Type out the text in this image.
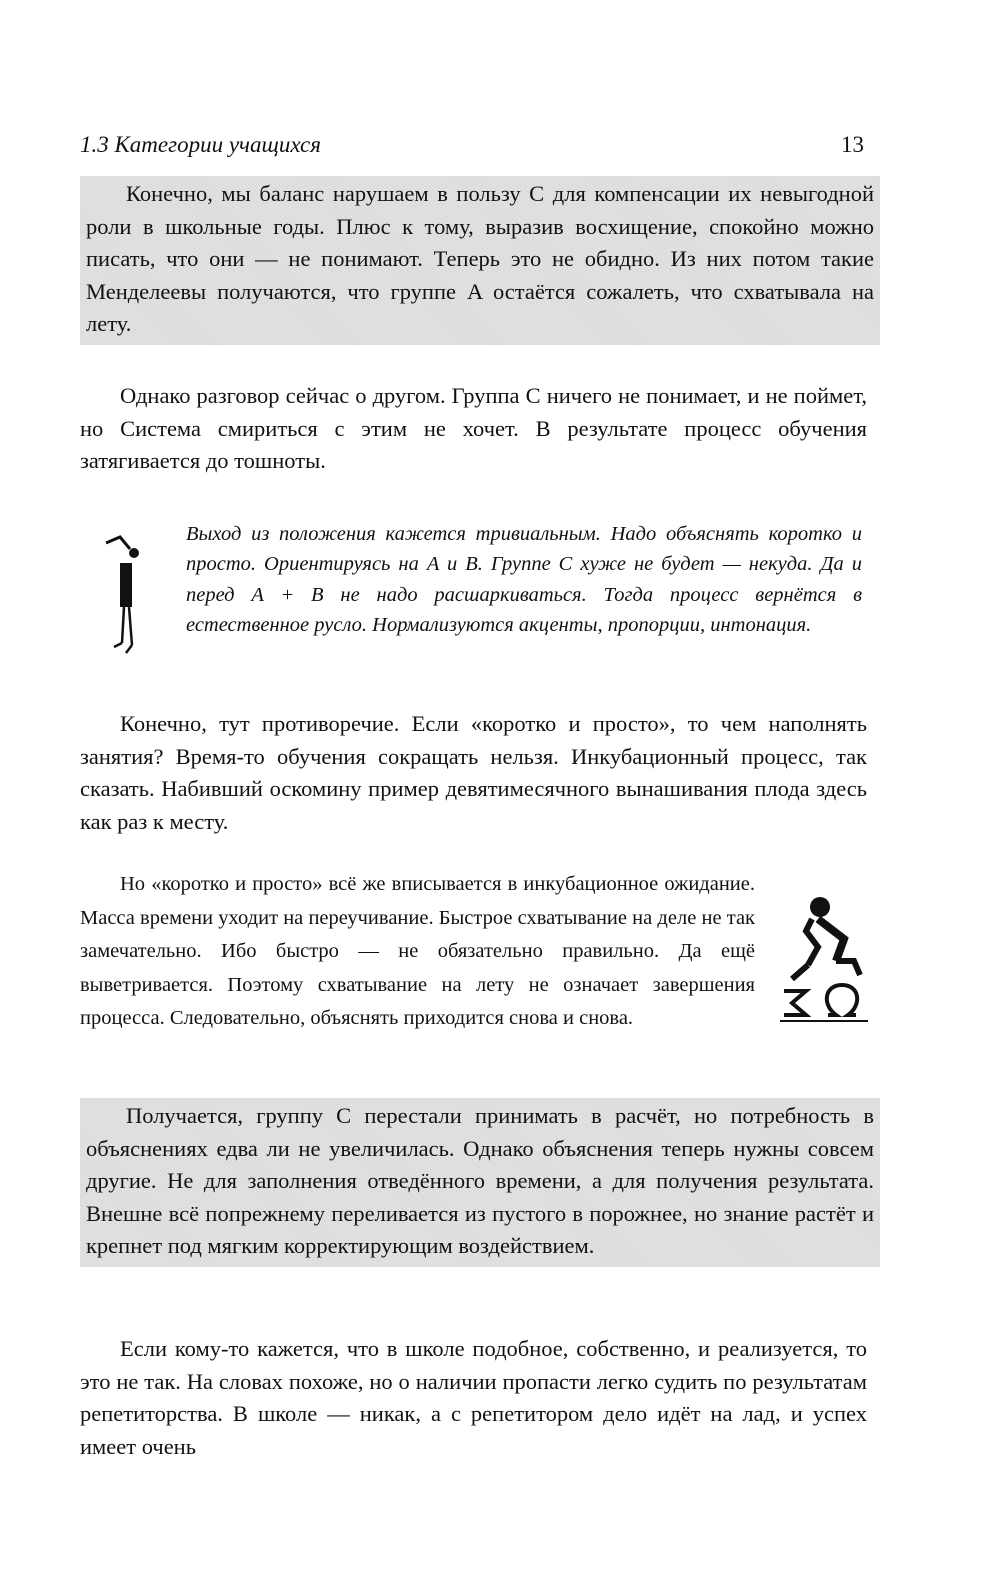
1.3 Категории учащихся	13

Конечно, мы баланс нарушаем в пользу C для компенсации их невыгодной роли в школьные годы. Плюс к тому, выразив восхищение, спокойно можно писать, что они — не понимают. Теперь это не обидно. Из них потом такие Менделеевы получаются, что группе A остаётся сожалеть, что схватывала на лету.

Однако разговор сейчас о другом. Группа C ничего не понимает, и не поймет, но Система смириться с этим не хочет. В результате процесс обучения затягивается до тошноты.

Выход из положения кажется тривиальным. Надо объяснять коротко и просто. Ориентируясь на A и B. Группе C хуже не будет — некуда. Да и перед A + B не надо расшаркиваться. Тогда процесс вернётся в естественное русло. Нормализуются акценты, пропорции, интонация.

Конечно, тут противоречие. Если «коротко и просто», то чем наполнять занятия? Время-то обучения сокращать нельзя. Инкубационный процесс, так сказать. Набивший оскомину пример девятимесячного вынашивания плода здесь как раз к месту.

Но «коротко и просто» всё же вписывается в инкубационное ожидание. Масса времени уходит на переучивание. Быстрое схватывание на деле не так замечательно. Ибо быстро — не обязательно правильно. Да ещё выветривается. Поэтому схватывание на лету не означает завершения процесса. Следовательно, объяснять приходится снова и снова.

Получается, группу C перестали принимать в расчёт, но потребность в объяснениях едва ли не увеличилась. Однако объяснения теперь нужны совсем другие. Не для заполнения отведённого времени, а для получения результата. Внешне всё попрежнему переливается из пустого в порожнее, но знание растёт и крепнет под мягким корректирующим воздействием.

Если кому-то кажется, что в школе подобное, собственно, и реализуется, то это не так. На словах похоже, но о наличии пропасти легко судить по результатам репетиторства. В школе — никак, а с репетитором дело идёт на лад, и успех имеет очень
